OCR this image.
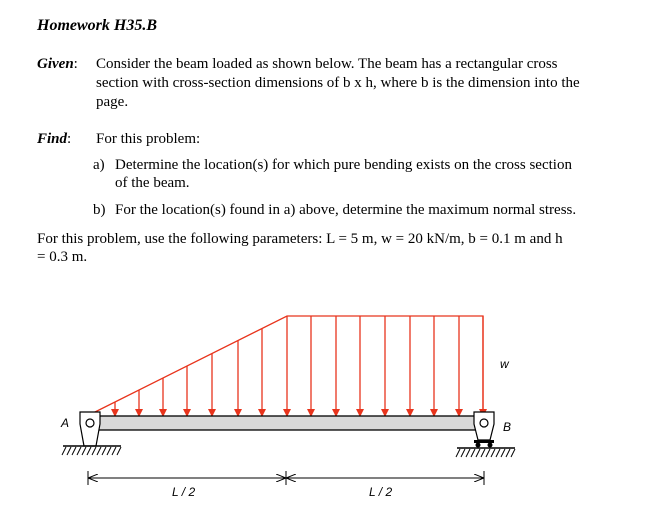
Homework H35.B
Given: Consider the beam loaded as shown below. The beam has a rectangular cross
section with cross-section dimensions of b x h, where b is the dimension into the
page.
Find: For this problem:
a) Determine the location(s) for which pure bending exists on the cross section
of the beam.
b) For the location(s) found in a) above, determine the maximum normal stress.
For this problem, use the following parameters: L = 5 m, w = 20 kN/m, b = 0.1 m and h
= 0.3 m.
A	B
w
L / 2	L / 2
